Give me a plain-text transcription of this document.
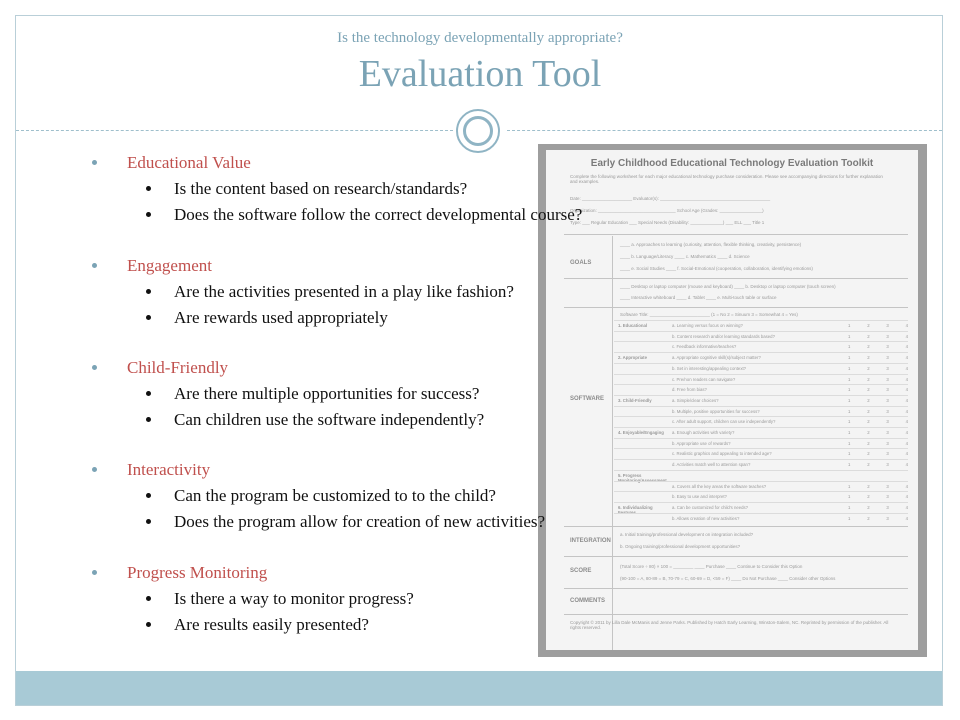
Is the technology developmentally appropriate?
Evaluation Tool
Early Childhood Educational Technology Evaluation Toolkit
Complete the following worksheet for each major educational technology purchase consideration. Please see accompanying directions for further explanation and examples.
Date: ____________________ Evaluator(s): ____________________________________________
Organization: _______________________________ School Age (Grades: _________________)
Type: ___ Regular Education ___ Special Needs (Disability: _____________) ___ ELL ___ Title 1
GOALS
____ a. Approaches to learning (curiosity, attention, flexible thinking, creativity, persistence)
____ b. Language/Literacy ____ c. Mathematics ____ d. Science
____ e. Social Studies ____ f. Social-Emotional (cooperation, collaboration, identifying emotions)
____ Desktop or laptop computer (mouse and keyboard) ____ b. Desktop or laptop computer (touch screen)
____ Interactive whiteboard ____ d. Tablet ____ e. Multi-touch table or surface
Software Title: ________________________ (1 = No 2 = Sinuum 3 = Somewhat 4 = Yes)
SOFTWARE
INTEGRATION
a. Initial training/professional development on integration included?
b. Ongoing training/professional development opportunities?
SCORE
(Total Score ÷ 80) × 100 = ________ ____ Purchase ____ Continue to Consider this Option
(90-100 = A, 80-89 = B, 70-79 = C, 60-69 = D, <59 = F) ____ Do Not Purchase ____ Consider other Options
COMMENTS
Copyright © 2011 by Lilla Dale McManis and Jenne Parks. Published by Hatch Early Learning, Winston-Salem, NC. Reprinted by permission of the publisher. All rights reserved.
1. Educational	a. Learning versus focus on winning?	1	2	3	4
b. Content research and/or learning standards based?	1	2	3	4
c. Feedback informative/teaches?	1	2	3	4
2. Appropriate	a. Appropriate cognitive skill(s)/subject matter?	1	2	3	4
b. Set in interesting/appealing context?	1	2	3	4
c. Pre/non readers can navigate?	1	2	3	4
d. Free from bias?	1	2	3	4
3. Child-Friendly	a. Simple/clear choices?	1	2	3	4
b. Multiple, positive opportunities for success?	1	2	3	4
c. After adult support, children can use independently?	1	2	3	4
4. Enjoyable/Engaging	a. Enough activities with variety?	1	2	3	4
b. Appropriate use of rewards?	1	2	3	4
c. Realistic graphics and appealing to intended age?	1	2	3	4
d. Activities match well to attention span?	1	2	3	4
5. Progress Monitoring/Assessment
a. Covers all the key areas the software teaches?	1	2	3	4
b. Easy to use and interpret?	1	2	3	4
6. Individualizing Features
a. Can be customized for child's needs?	1	2	3	4
b. Allows creation of new activities?	1	2	3	4
Educational Value
Is the content based on research/standards?
Does the software follow the correct developmental course?
Engagement
Are the activities presented in a play like fashion?
Are rewards used appropriately
Child-Friendly
Are there multiple opportunities for success?
Can children use the software independently?
Interactivity
Can the program be customized to to the child?
Does the program allow for creation of new activities?
Progress Monitoring
Is there a way to monitor progress?
Are results easily presented?
